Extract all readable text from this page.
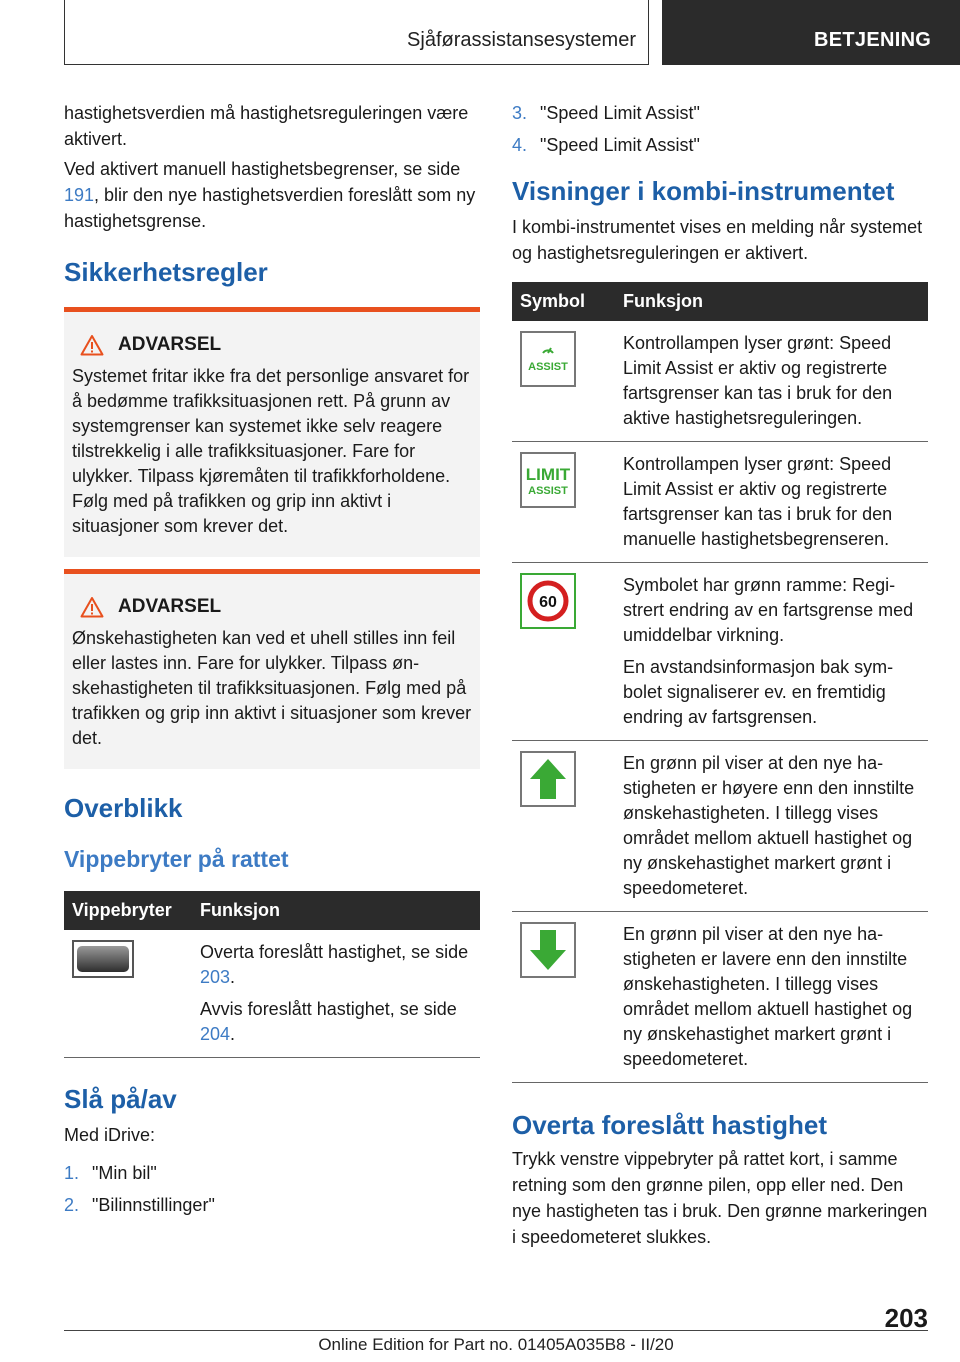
Sjåførassistansesystemer	BETJENING

hastighetsverdien må hastighetsreguleringen være aktivert.

Ved aktivert manuell hastighetsbegrenser, se side 191, blir den nye hastighetsverdien foreslått som ny hastighetsgrense.

Sikkerhetsregler
ADVARSEL

Systemet fritar ikke fra det personlige ansvaret for å bedømme trafikksituasjonen rett. På grunn av systemgrenser kan systemet ikke selv reagere tilstrekkelig i alle trafikksituasjoner. Fare for ulykker. Tilpass kjøremåten til trafikkforholdene. Følg med på trafikken og grip inn aktivt i situasjoner som krever det.

ADVARSEL

Ønskehastigheten kan ved et uhell stilles inn feil eller lastes inn. Fare for ulykker. Tilpass ønskehastigheten til trafikksituasjonen. Følg med på trafikken og grip inn aktivt i situasjoner som krever det.

Overblikk
Vippebryter på rattet
Vippebryter	Funksjon

	Overta foreslått hastighet, se side 203.

Avvis foreslått hastighet, se side 204.

Slå på/av

Med iDrive:

1. "Min bil"
2. "Bilinnstillinger"
3. "Speed Limit Assist"
4. "Speed Limit Assist"
Visninger i kombi-instrumentet

I kombi-instrumentet vises en melding når systemet og hastighetsreguleringen er aktivert.

Symbol	Funksjon

ASSIST	Kontrollampen lyser grønt: Speed Limit Assist er aktiv og registrerte fartsgrenser kan tas i bruk for den aktive hastighetsreguleringen.

LIMIT
ASSIST	Kontrollampen lyser grønt: Speed Limit Assist er aktiv og registrerte fartsgrenser kan tas i bruk for den manuelle hastighetsbegrenseren.

60	Symbolet har grønn ramme: Registrert endring av en fartsgrense med umiddelbar virkning.

En avstandsinformasjon bak symbolet signaliserer ev. en fremtidig endring av fartsgrensen.

En grønn pil viser at den nye hastigheten er høyere enn den innstilte ønskehastigheten. I tillegg vises området mellom aktuell hastighet og ny ønskehastighet markert grønt i speedometeret.

En grønn pil viser at den nye hastigheten er lavere enn den innstilte ønskehastigheten. I tillegg vises området mellom aktuell hastighet og ny ønskehastighet markert grønt i speedometeret.

Overta foreslått hastighet

Trykk venstre vippebryter på rattet kort, i samme retning som den grønne pilen, opp eller ned. Den nye hastigheten tas i bruk. Den grønne markeringen i speedometeret slukkes.

203
Online Edition for Part no. 01405A035B8 - II/20
